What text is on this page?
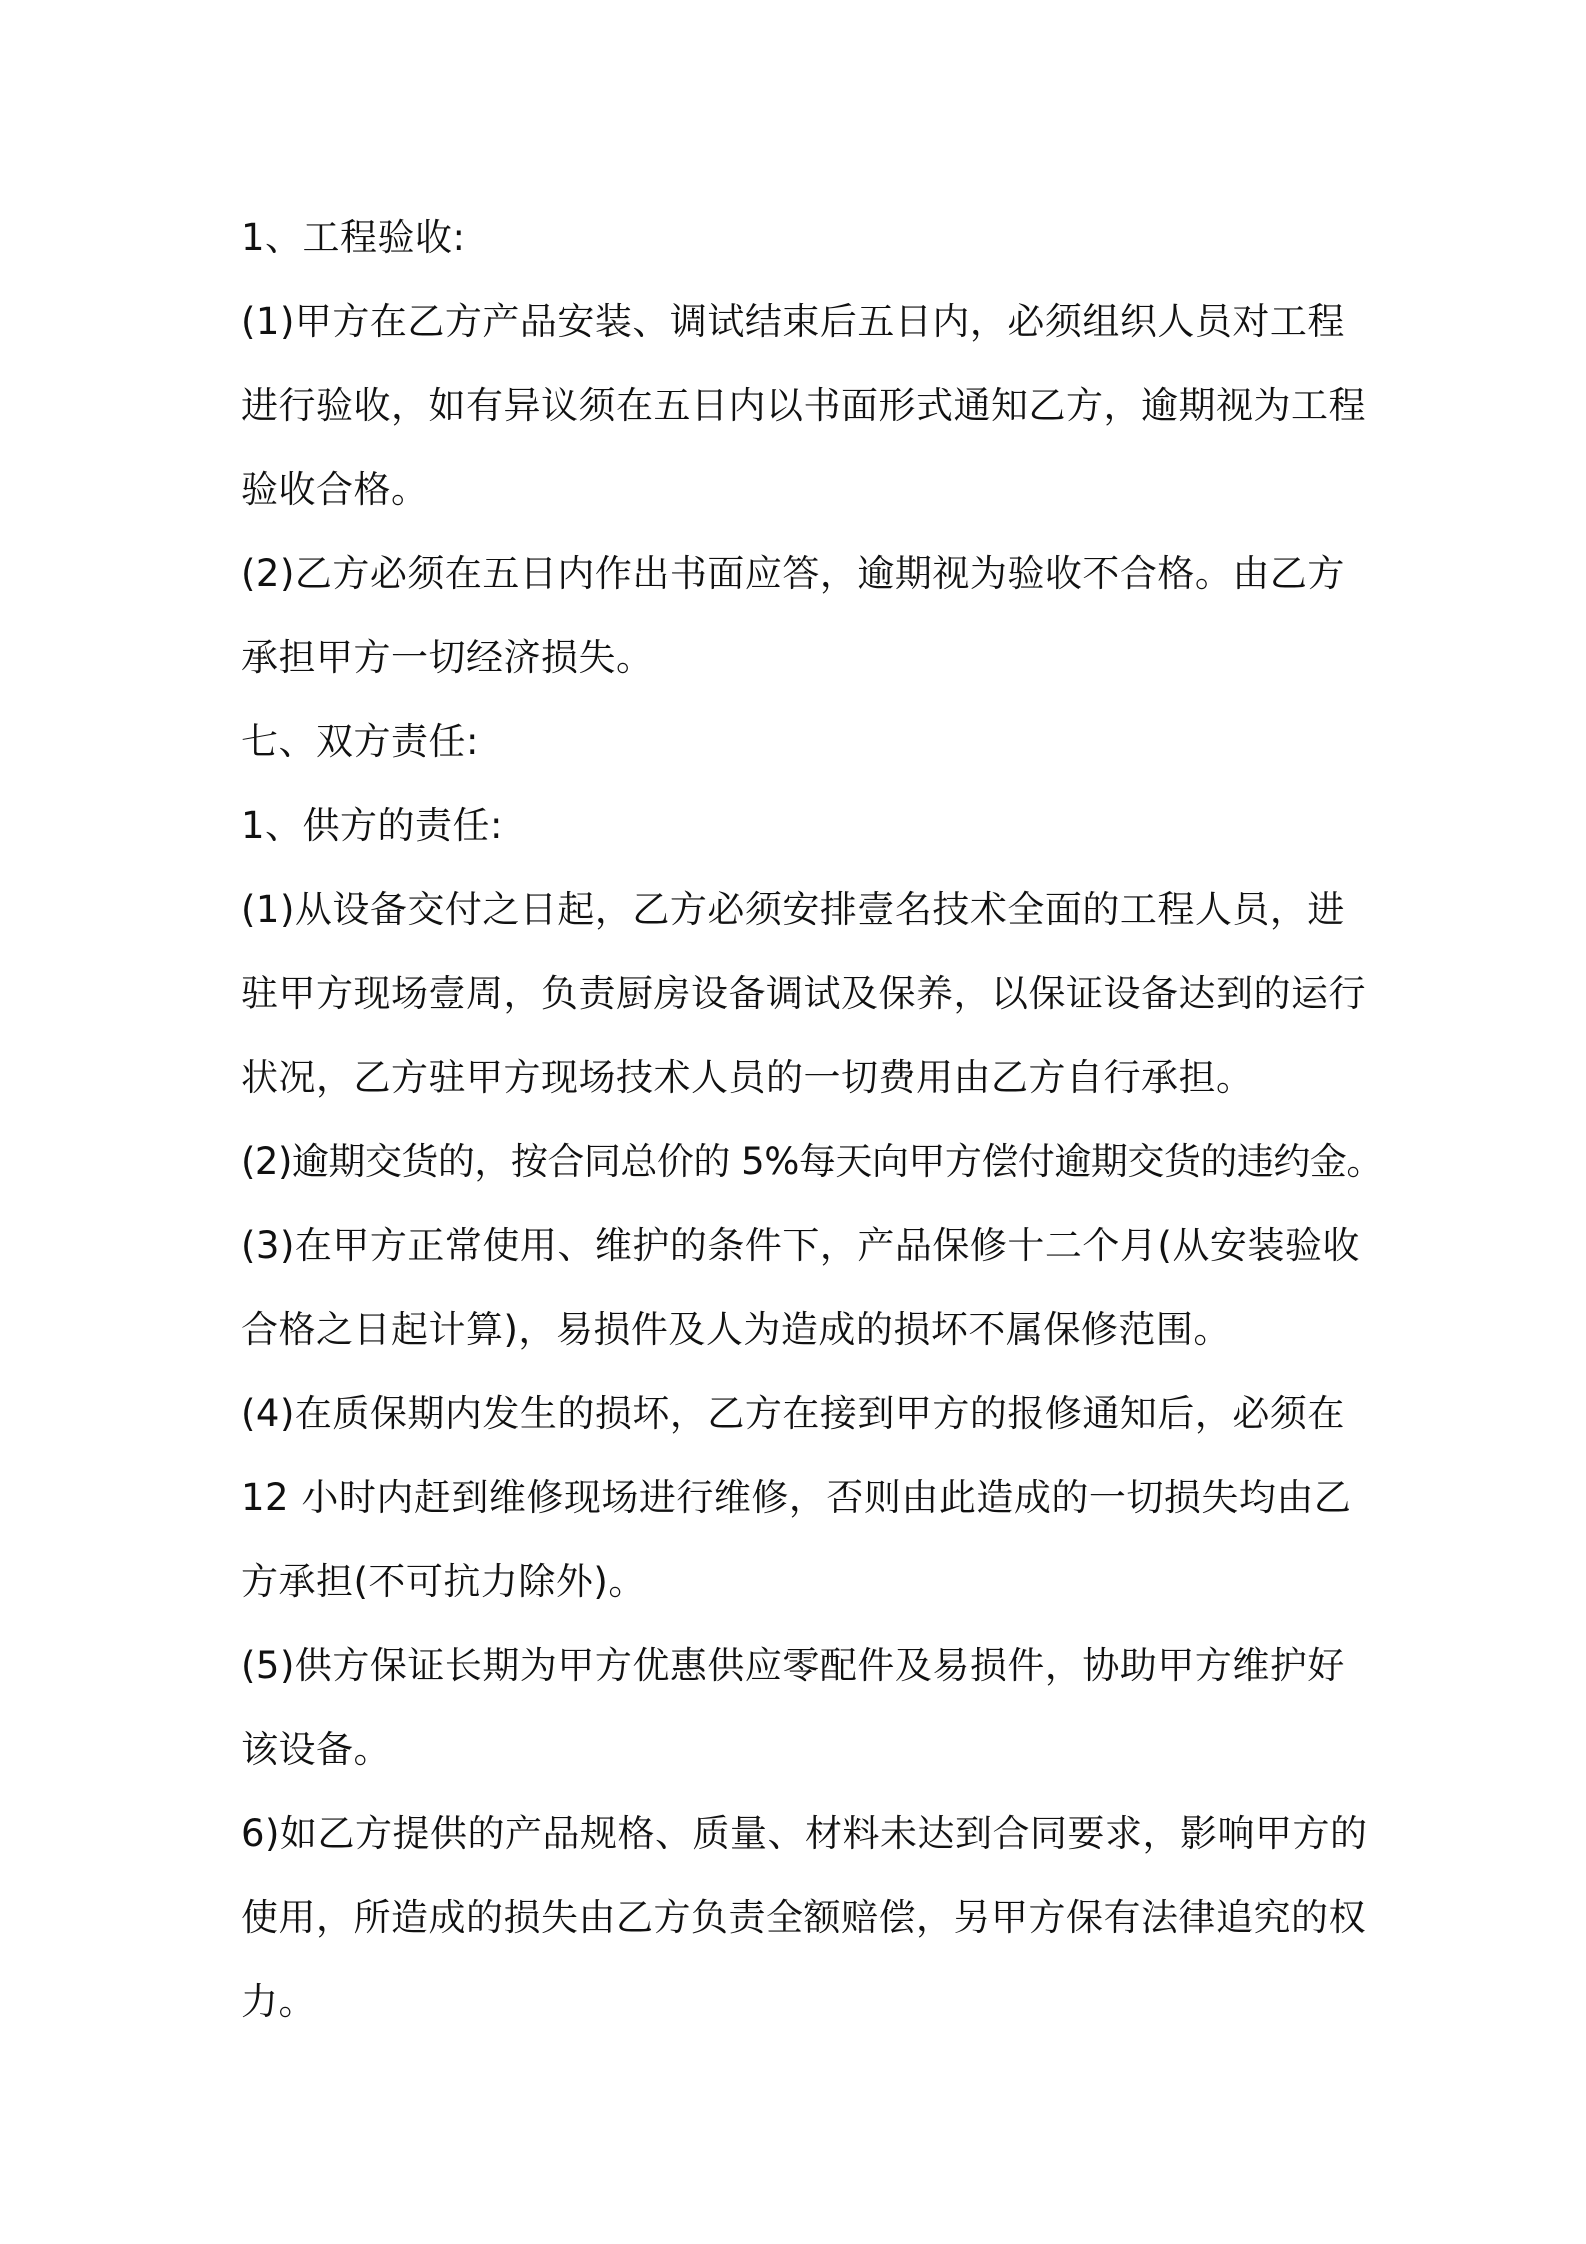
1、工程验收:
(1)甲方在乙方产品安装、调试结束后五日内，必须组织人员对工程
进行验收，如有异议须在五日内以书面形式通知乙方，逾期视为工程
验收合格。
(2)乙方必须在五日内作出书面应答，逾期视为验收不合格。由乙方
承担甲方一切经济损失。
七、双方责任:
1、供方的责任:
(1)从设备交付之日起，乙方必须安排壹名技术全面的工程人员，进
驻甲方现场壹周，负责厨房设备调试及保养，以保证设备达到的运行
状况，乙方驻甲方现场技术人员的一切费用由乙方自行承担。
(2)逾期交货的，按合同总价的 5%每天向甲方偿付逾期交货的违约金。
(3)在甲方正常使用、维护的条件下，产品保修十二个月(从安装验收
合格之日起计算)，易损件及人为造成的损坏不属保修范围。
(4)在质保期内发生的损坏，乙方在接到甲方的报修通知后，必须在
12 小时内赶到维修现场进行维修，否则由此造成的一切损失均由乙
方承担(不可抗力除外)。
(5)供方保证长期为甲方优惠供应零配件及易损件，协助甲方维护好
该设备。
6)如乙方提供的产品规格、质量、材料未达到合同要求，影响甲方的
使用，所造成的损失由乙方负责全额赔偿，另甲方保有法律追究的权
力。
